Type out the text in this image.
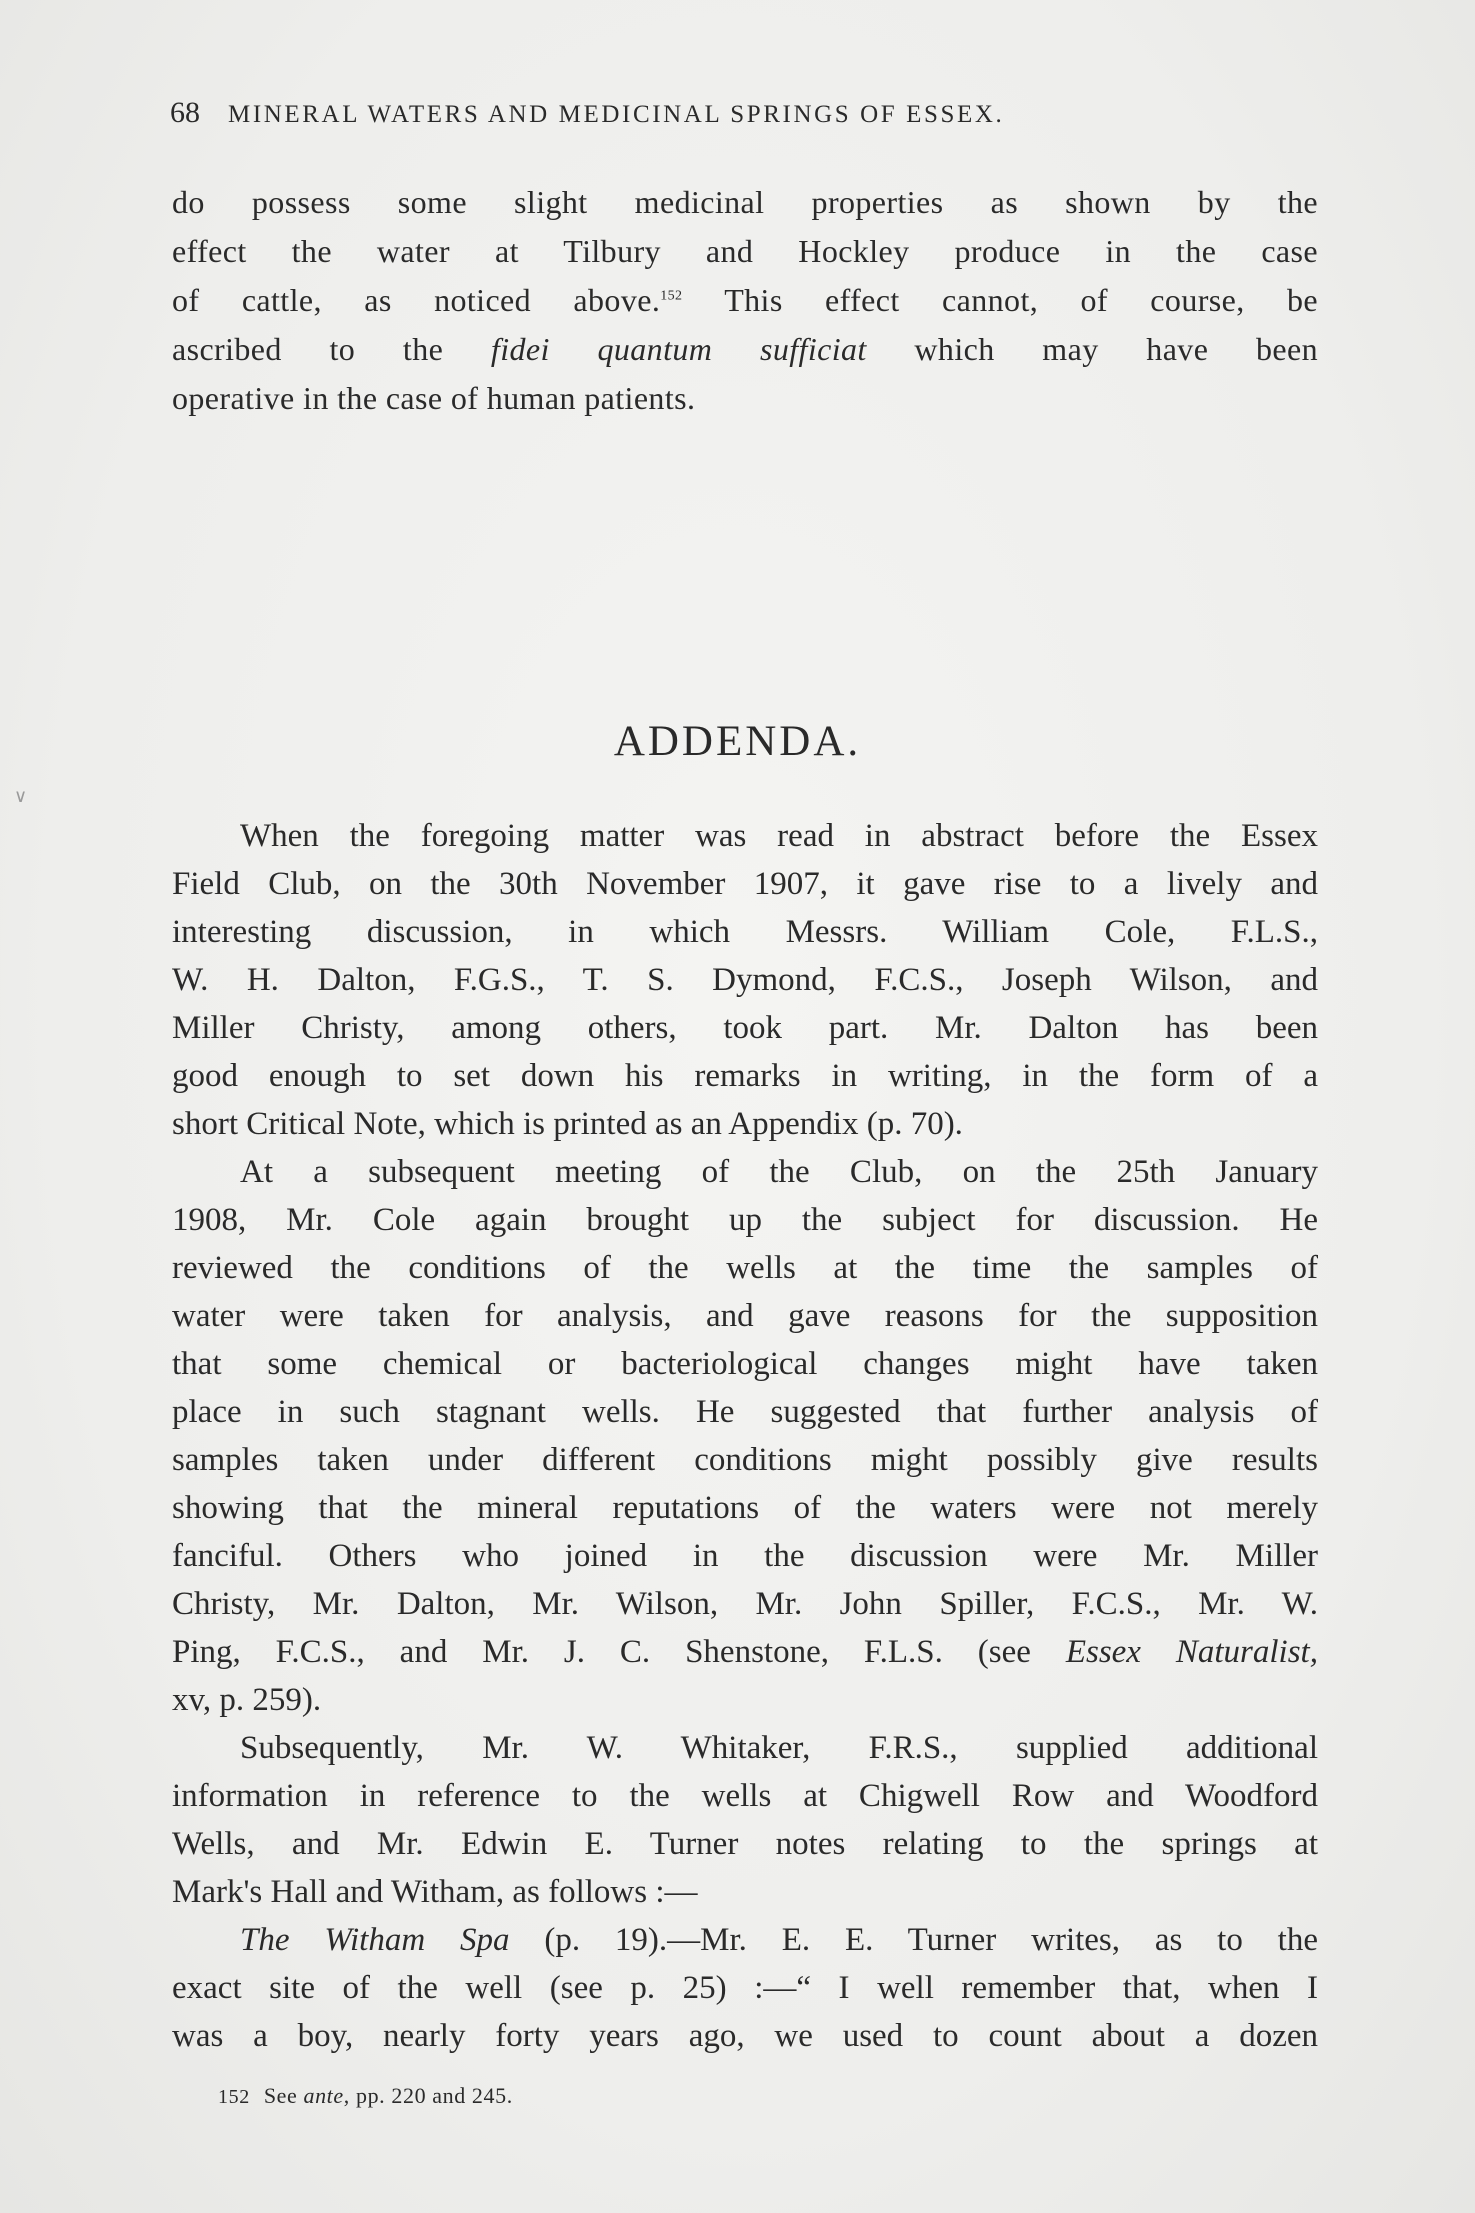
68 MINERAL WATERS AND MEDICINAL SPRINGS OF ESSEX.

do possess some slight medicinal properties as shown by the

effect the water at Tilbury and Hockley produce in the case

of cattle, as noticed above.$^{152}$ This effect cannot, of course, be

ascribed to the fidei quantum sufficiat which may have been

operative in the case of human patients.

ADDENDA.

When the foregoing matter was read in abstract before the Essex

Field Club, on the 30th November 1907, it gave rise to a lively and

interesting discussion, in which Messrs. William Cole, F.L.S.,

W. H. Dalton, F.G.S., T. S. Dymond, F.C.S., Joseph Wilson, and

Miller Christy, among others, took part. Mr. Dalton has been

good enough to set down his remarks in writing, in the form of a

short Critical Note, which is printed as an Appendix (p. 70).

At a subsequent meeting of the Club, on the 25th January

1908, Mr. Cole again brought up the subject for discussion. He

reviewed the conditions of the wells at the time the samples of

water were taken for analysis, and gave reasons for the supposition

that some chemical or bacteriological changes might have taken

place in such stagnant wells. He suggested that further analysis of

samples taken under different conditions might possibly give results

showing that the mineral reputations of the waters were not merely

fanciful. Others who joined in the discussion were Mr. Miller

Christy, Mr. Dalton, Mr. Wilson, Mr. John Spiller, F.C.S., Mr. W.

Ping, F.C.S., and Mr. J. C. Shenstone, F.L.S. (see Essex Naturalist,

xv, p. 259).

Subsequently, Mr. W. Whitaker, F.R.S., supplied additional

information in reference to the wells at Chigwell Row and Woodford

Wells, and Mr. Edwin E. Turner notes relating to the springs at

Mark's Hall and Witham, as follows :—

The Witham Spa (p. 19).—Mr. E. E. Turner writes, as to the

exact site of the well (see p. 25) :—“ I well remember that, when I

was a boy, nearly forty years ago, we used to count about a dozen

152 See ante, pp. 220 and 245.
∨
